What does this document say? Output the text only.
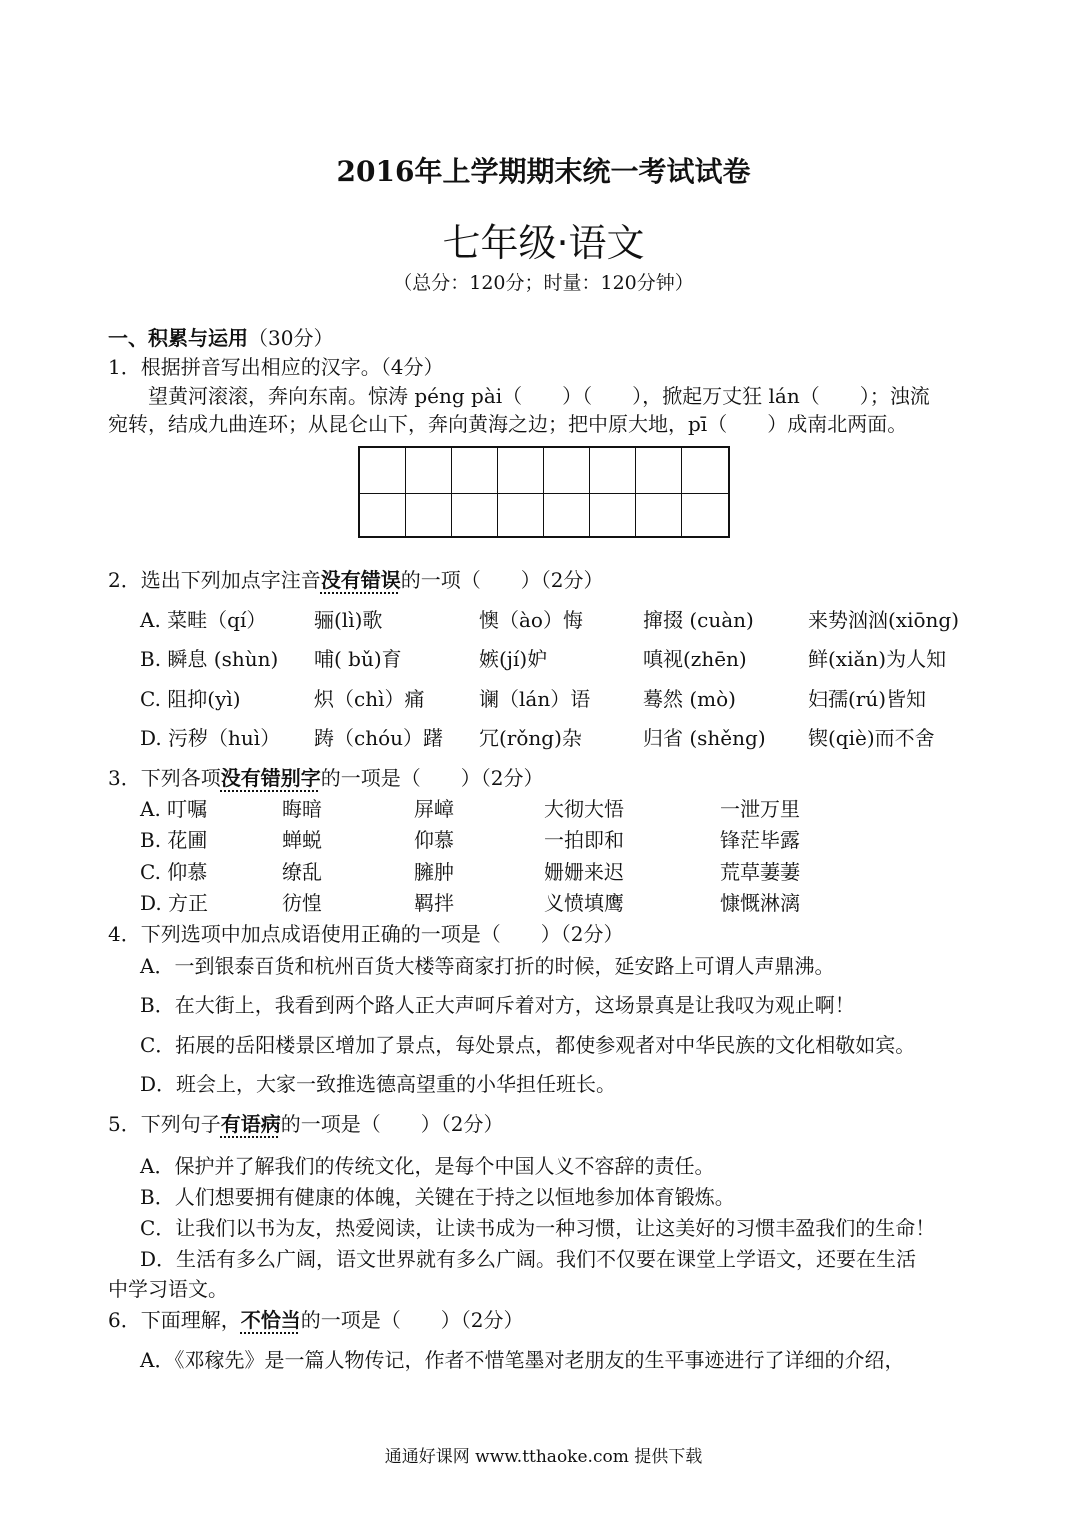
2016年上学期期末统一考试试卷
七年级·语文
（总分：120分；时量：120分钟）
一、积累与运用（30分）
1．根据拼音写出相应的汉字。（4分）
望黄河滚滚，奔向东南。惊涛 péng pài（　　）（　　），掀起万丈狂 lán（　　）；浊流
宛转，结成九曲连环；从昆仑山下，奔向黄海之边；把中原大地，pī（　　）成南北两面。
2．选出下列加点字注音没有错误的一项（　　）（2分）
A. 菜畦（qí） 骊(lì)歌	懊（ào）悔	撺掇 (cuàn)	来势汹汹(xiōng)
B. 瞬息 (shùn) 哺( bǔ)育	嫉(jí)妒	嗔视(zhēn)	鲜(xiǎn)为人知
C. 阻抑(yì)	炽（chì）痛	谰（lán）语	蓦然 (mò)	妇孺(rú)皆知
D. 污秽（huì） 踌（chóu）躇 冗(rǒng)杂	归省 (shěng) 锲(qiè)而不舍
3．下列各项没有错别字的一项是（　　）（2分）
A. 叮嘱	晦暗	屏嶂	大彻大悟	一泄万里
B. 花圃	蝉蜕	仰慕	一拍即和	锋茫毕露
C. 仰慕	缭乱	臃肿	姗姗来迟	荒草萋萋
D. 方正	彷惶	羁拌	义愤填鹰	慷慨淋漓
4．下列选项中加点成语使用正确的一项是（　　）（2分）
A．一到银泰百货和杭州百货大楼等商家打折的时候，延安路上可谓人声鼎沸。
B．在大街上，我看到两个路人正大声呵斥着对方，这场景真是让我叹为观止啊！
C．拓展的岳阳楼景区增加了景点，每处景点，都使参观者对中华民族的文化相敬如宾。
D．班会上，大家一致推选德高望重的小华担任班长。
5．下列句子有语病的一项是（　　）（2分）
A．保护并了解我们的传统文化，是每个中国人义不容辞的责任。
B．人们想要拥有健康的体魄，关键在于持之以恒地参加体育锻炼。
C．让我们以书为友，热爱阅读，让读书成为一种习惯，让这美好的习惯丰盈我们的生命！
D．生活有多么广阔，语文世界就有多么广阔。我们不仅要在课堂上学语文，还要在生活
中学习语文。
6．下面理解，不恰当的一项是（　　）（2分）
A．《邓稼先》是一篇人物传记，作者不惜笔墨对老朋友的生平事迹进行了详细的介绍，
通通好课网 www.tthaoke.com 提供下载
